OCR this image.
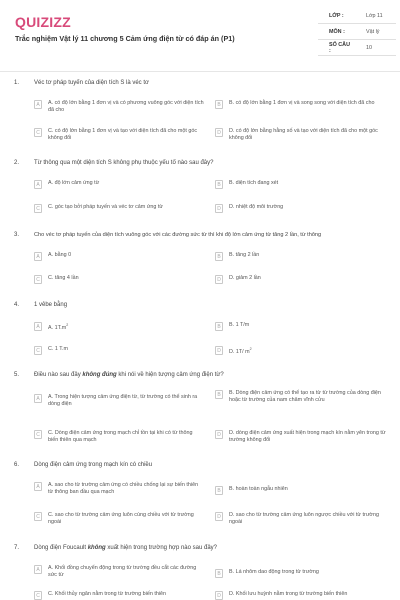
QUIZIZZ
Trắc nghiệm Vật lý 11 chương 5 Cảm ứng điện từ có đáp án (P1)
LỚP :	Lớp 11
MÔN :	Vật lý
SỐ CÂU :	10
1. Véc tơ pháp tuyến của diện tích S là véc tơ
A	A. có độ lớn bằng 1 đơn vị và có phương vuông góc với diện tích đã cho
B	B. có độ lớn bằng 1 đơn vị và song song với diện tích đã cho
C	C. có độ lớn bằng 1 đơn vị và tạo với diện tích đã cho một góc không đổi
D	D. có độ lớn bằng hằng số và tạo với diện tích đã cho một góc không đổi
2. Từ thông qua một diện tích S không phụ thuộc yếu tố nào sau đây?
A	A. độ lớn cảm ứng từ	B	B. diện tích đang xét
C	C. góc tạo bởi pháp tuyến và véc tơ cảm ứng từ	D	D. nhiệt độ môi trường
3.	Cho véc tơ pháp tuyến của diện tích vuông góc với các đường sức từ thì khi độ lớn cảm ứng từ tăng 2 lần, từ thông
A	A. bằng 0	B	B. tăng 2 lần
C	C. tăng 4 lần	D	D. giảm 2 lần
4. 1 vêbe bằng
A	A. $1T.m^2$	B	B. 1 T/m
C	C. 1 T.m	D	D. 1T/ $m^2$
5. Điều nào sau đây không đúng khi nói về hiện tượng cảm ứng điện từ?
A	A. Trong hiện tượng cảm ứng điện từ, từ trường có thể sinh ra dòng điện
B	B. Dòng điện cảm ứng có thể tạo ra từ từ trường của dòng điện hoặc từ trường của nam châm vĩnh cửu
C	C. Dòng điện cảm ứng trong mạch chỉ tồn tại khi có từ thông biến thiên qua mạch
D	D. dòng điện cảm ứng xuất hiện trong mạch kín nằm yên trong từ trường không đổi
6. Dòng điện cảm ứng trong mạch kín có chiều
A	A. sao cho từ trường cảm ứng có chiều chống lại sự biến thiên từ thông ban đầu qua mạch	B	B. hoàn toàn ngẫu nhiên
C	C. sao cho từ trường cảm ứng luôn cùng chiều với từ trường ngoài
D	D. sao cho từ trường cảm ứng luôn ngược chiều với từ trường ngoài
7. Dòng điện Foucault không xuất hiện trong trường hợp nào sau đây?
A	A. Khối đồng chuyển động trong từ trường đều cắt các đường sức từ	B	B. Lá nhôm dao động trong từ trường
C	C. Khối thủy ngân nằm trong từ trường biến thiên	D	D. Khối lưu huỳnh nằm trong từ trường biến thiên
